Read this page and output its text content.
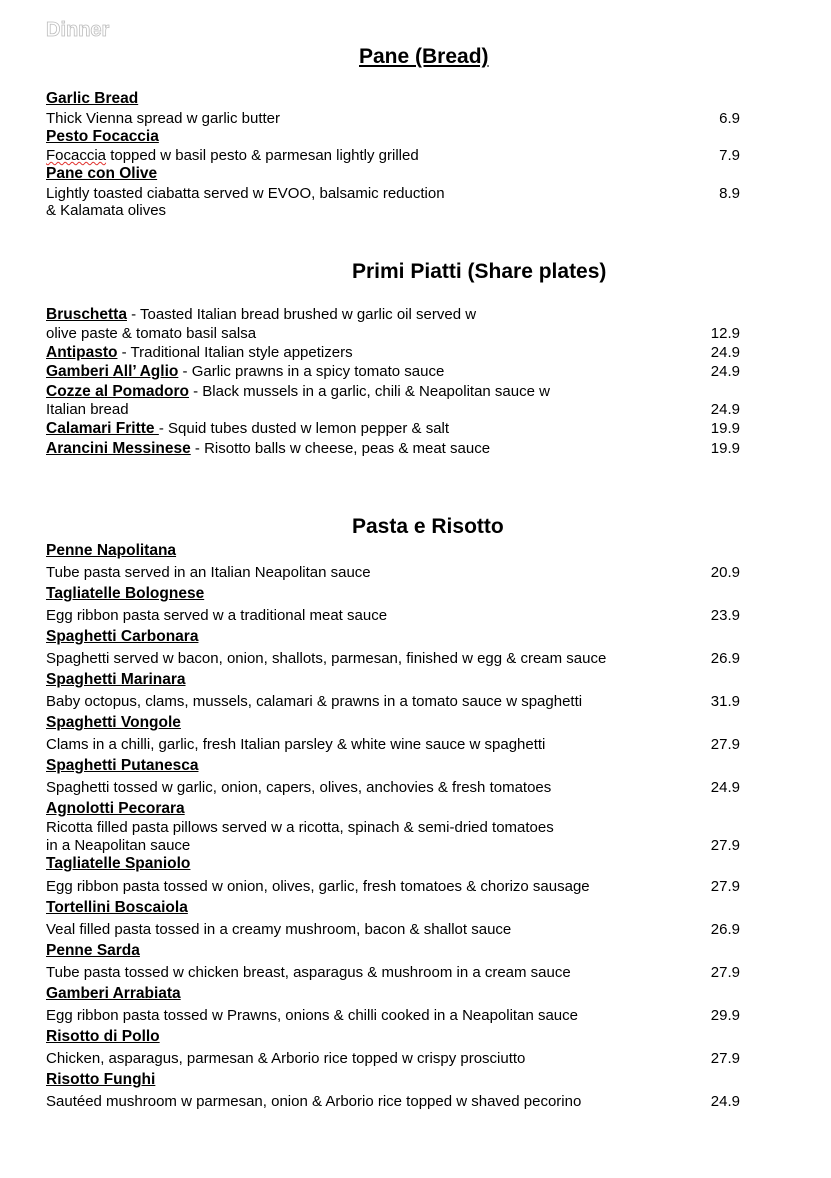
Dinner
Pane (Bread)
Garlic Bread
Thick Vienna spread w garlic butter	6.9
Pesto Focaccia
Focaccia topped w basil pesto & parmesan lightly grilled	7.9
Pane con Olive
Lightly toasted ciabatta served w EVOO, balsamic reduction	8.9
& Kalamata olives
Primi Piatti (Share plates)
Bruschetta - Toasted Italian bread brushed w garlic oil served w
olive paste & tomato basil salsa	12.9
Antipasto - Traditional Italian style appetizers	24.9
Gamberi All’ Aglio - Garlic prawns in a spicy tomato sauce	24.9
Cozze al Pomadoro - Black mussels in a garlic, chili & Neapolitan sauce w
Italian bread	24.9
Calamari Fritte - Squid tubes dusted w lemon pepper & salt	19.9
Arancini Messinese - Risotto balls w cheese, peas & meat sauce	19.9
Pasta e Risotto
Penne Napolitana
Tube pasta served in an Italian Neapolitan sauce	20.9
Tagliatelle Bolognese
Egg ribbon pasta served w a traditional meat sauce	23.9
Spaghetti Carbonara
Spaghetti served w bacon, onion, shallots, parmesan, finished w egg & cream sauce	26.9
Spaghetti Marinara
Baby octopus, clams, mussels, calamari & prawns in a tomato sauce w spaghetti	31.9
Spaghetti Vongole
Clams in a chilli, garlic, fresh Italian parsley & white wine sauce w spaghetti	27.9
Spaghetti Putanesca
Spaghetti tossed w garlic, onion, capers, olives, anchovies & fresh tomatoes	24.9
Agnolotti Pecorara
Ricotta filled pasta pillows served w a ricotta, spinach & semi-dried tomatoes
in a Neapolitan sauce	27.9
Tagliatelle Spaniolo
Egg ribbon pasta tossed w onion, olives, garlic, fresh tomatoes & chorizo sausage	27.9
Tortellini Boscaiola
Veal filled pasta tossed in a creamy mushroom, bacon & shallot sauce	26.9
Penne Sarda
Tube pasta tossed w chicken breast, asparagus & mushroom in a cream sauce	27.9
Gamberi Arrabiata
Egg ribbon pasta tossed w Prawns, onions & chilli cooked in a Neapolitan sauce	29.9
Risotto di Pollo
Chicken, asparagus, parmesan & Arborio rice topped w crispy prosciutto	27.9
Risotto Funghi
Sautéed mushroom w parmesan, onion & Arborio rice topped w shaved pecorino	24.9
